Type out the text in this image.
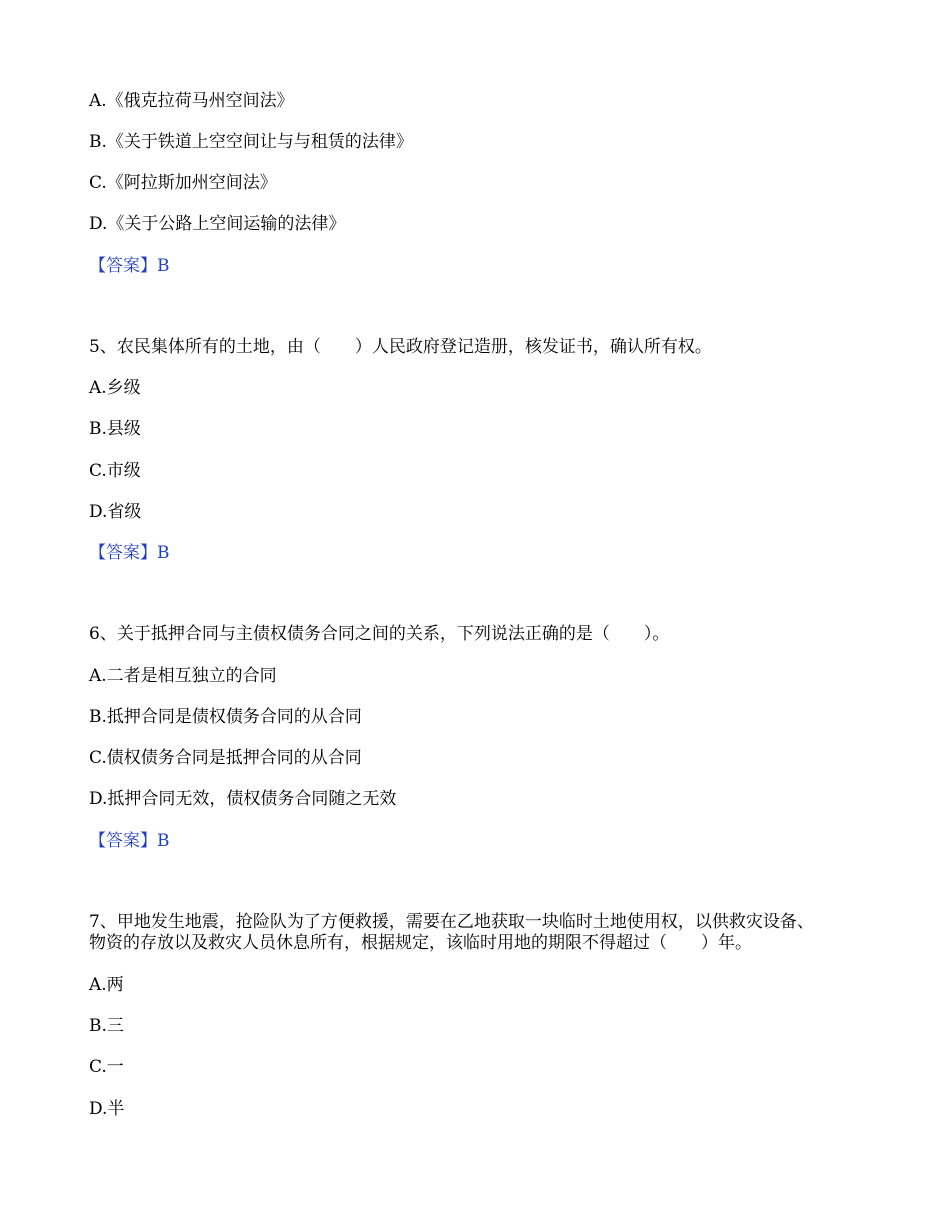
A.《俄克拉荷马州空间法》
B.《关于铁道上空空间让与与租赁的法律》
C.《阿拉斯加州空间法》
D.《关于公路上空间运输的法律》
【答案】B
5、农民集体所有的土地，由（　　）人民政府登记造册，核发证书，确认所有权。
A.乡级
B.县级
C.市级
D.省级
【答案】B
6、关于抵押合同与主债权债务合同之间的关系，下列说法正确的是（　　）。
A.二者是相互独立的合同
B.抵押合同是债权债务合同的从合同
C.债权债务合同是抵押合同的从合同
D.抵押合同无效，债权债务合同随之无效
【答案】B
7、甲地发生地震，抢险队为了方便救援，需要在乙地获取一块临时土地使用权，以供救灾设备、
物资的存放以及救灾人员休息所有，根据规定，该临时用地的期限不得超过（　　）年。
A.两
B.三
C.一
D.半
